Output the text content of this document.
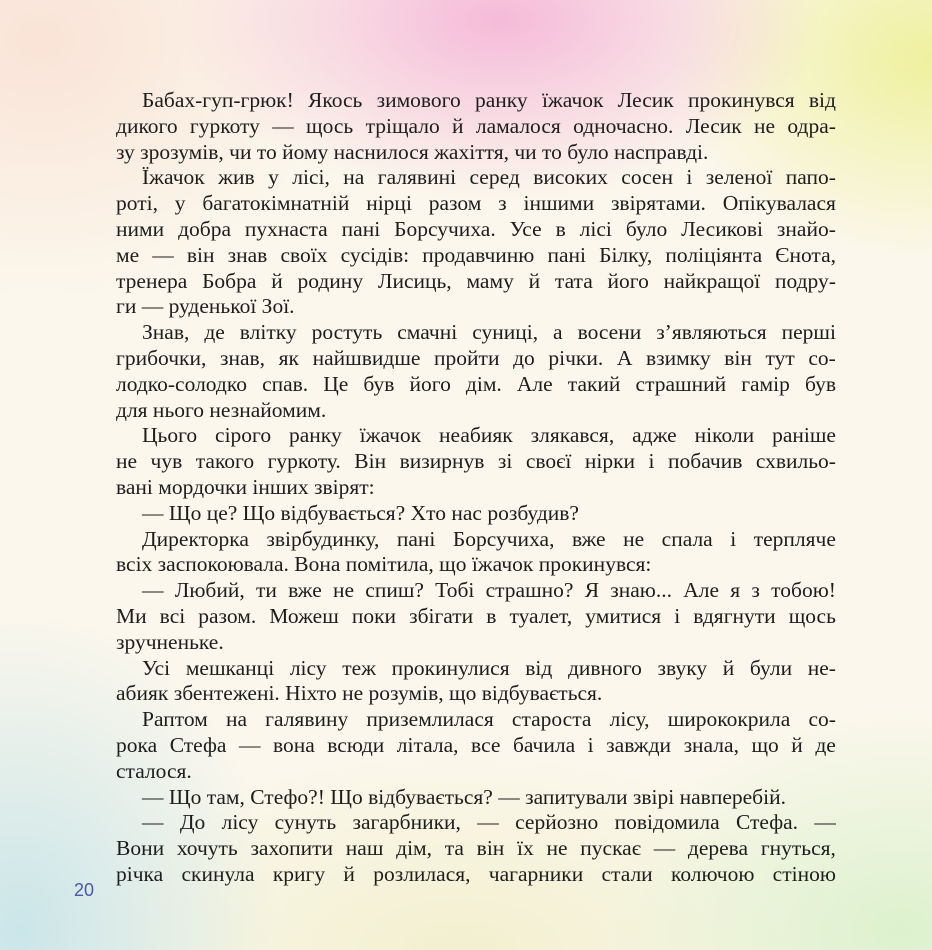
Бабах-гуп-грюк! Якось зимового ранку їжачок Лесик прокинувся від
дикого гуркоту — щось тріщало й ламалося одночасно. Лесик не одра-
зу зрозумів, чи то йому наснилося жахіття, чи то було насправді.
Їжачок жив у лісі, на галявині серед високих сосен і зеленої папо-
роті, у багатокімнатній нірці разом з іншими звірятами. Опікувалася
ними добра пухнаста пані Борсучиха. Усе в лісі було Лесикові знайо-
ме — він знав своїх сусідів: продавчиню пані Білку, поліціянта Єнота,
тренера Бобра й родину Лисиць, маму й тата його найкращої подру-
ги — руденької Зої.
Знав, де влітку ростуть смачні суниці, а восени з’являються перші
грибочки, знав, як найшвидше пройти до річки. А взимку він тут со-
лодко-солодко спав. Це був його дім. Але такий страшний гамір був
для нього незнайомим.
Цього сірого ранку їжачок неабияк злякався, адже ніколи раніше
не чув такого гуркоту. Він визирнув зі своєї нірки і побачив схвильо-
вані мордочки інших звірят:
— Що це? Що відбувається? Хто нас розбудив?
Директорка звірбудинку, пані Борсучиха, вже не спала і терпляче
всіх заспокоювала. Вона помітила, що їжачок прокинувся:
— Любий, ти вже не спиш? Тобі страшно? Я знаю... Але я з тобою!
Ми всі разом. Можеш поки збігати в туалет, умитися і вдягнути щось
зручненьке.
Усі мешканці лісу теж прокинулися від дивного звуку й були не-
абияк збентежені. Ніхто не розумів, що відбувається.
Раптом на галявину приземлилася староста лісу, ширококрила со-
рока Стефа — вона всюди літала, все бачила і завжди знала, що й де
сталося.
— Що там, Стефо?! Що відбувається? — запитували звірі навперебій.
— До лісу сунуть загарбники, — серйозно повідомила Стефа. —
Вони хочуть захопити наш дім, та він їх не пускає — дерева гнуться,
річка скинула кригу й розлилася, чагарники стали колючою стіною
20
